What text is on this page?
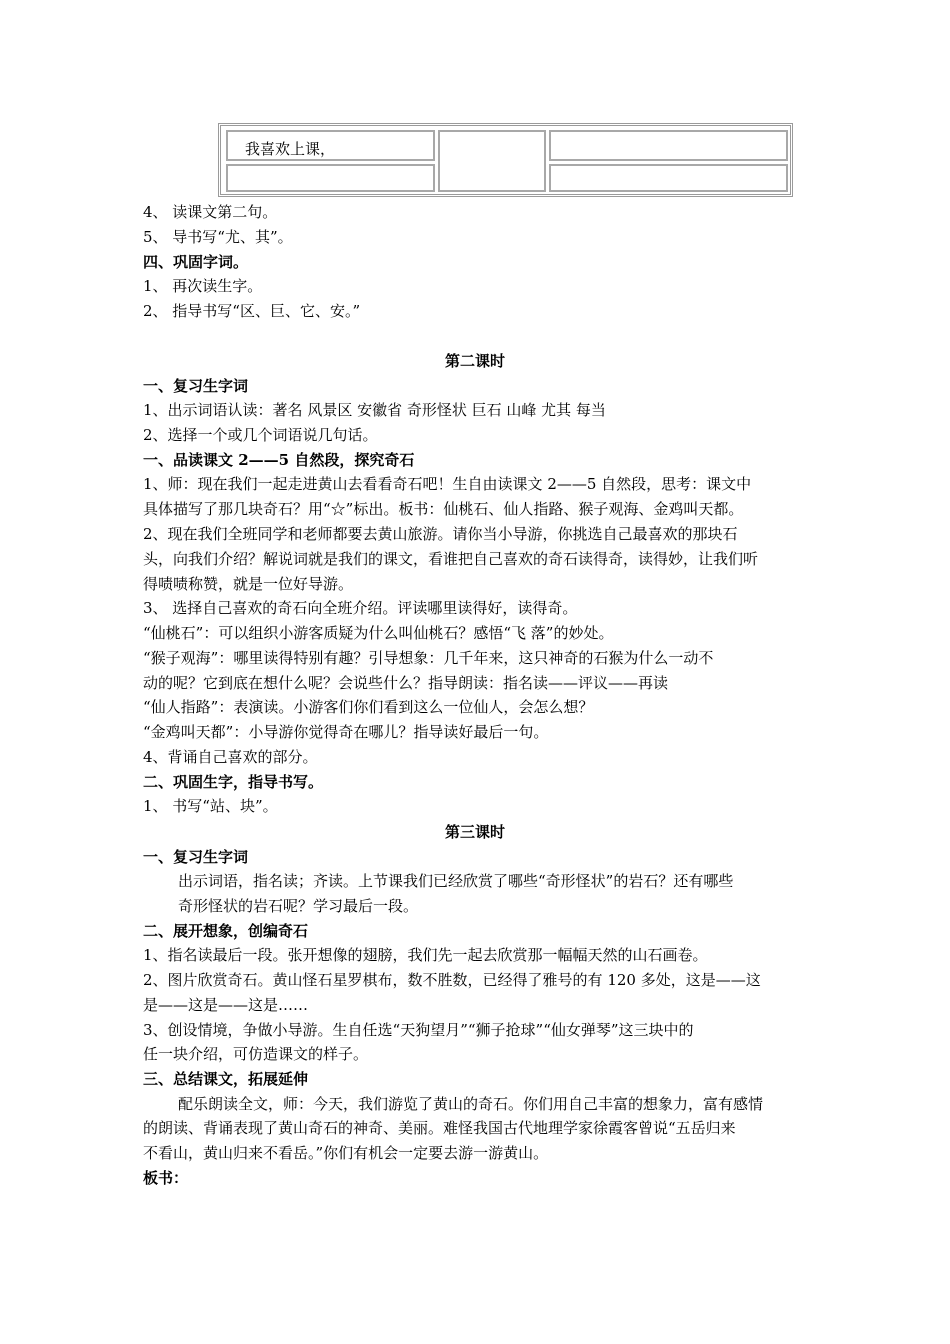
我喜欢上课，
4、 读课文第二句。
5、 导书写“尤、其”。
四、巩固字词。
1、 再次读生字。
2、 指导书写“区、巨、它、安。”
第二课时
一、复习生字词
1、出示词语认读：著名 风景区 安徽省 奇形怪状 巨石 山峰 尤其 每当
2、选择一个或几个词语说几句话。
一、品读课文 2——5 自然段，探究奇石
1、师：现在我们一起走进黄山去看看奇石吧！生自由读课文 2——5 自然段，思考：课文中
具体描写了那几块奇石？用“☆”标出。板书：仙桃石、仙人指路、猴子观海、金鸡叫天都。
2、现在我们全班同学和老师都要去黄山旅游。请你当小导游，你挑选自己最喜欢的那块石
头，向我们介绍？解说词就是我们的课文，看谁把自己喜欢的奇石读得奇，读得妙，让我们听
得啧啧称赞，就是一位好导游。
3、 选择自己喜欢的奇石向全班介绍。评读哪里读得好，读得奇。
“仙桃石”：可以组织小游客质疑为什么叫仙桃石？感悟“飞 落”的妙处。
“猴子观海”：哪里读得特别有趣？引导想象：几千年来，这只神奇的石猴为什么一动不
动的呢？它到底在想什么呢？会说些什么？指导朗读：指名读——评议——再读
“仙人指路”：表演读。小游客们你们看到这么一位仙人，会怎么想？
“金鸡叫天都”：小导游你觉得奇在哪儿？指导读好最后一句。
4、背诵自己喜欢的部分。
二、巩固生字，指导书写。
1、 书写“站、块”。
第三课时
一、复习生字词
出示词语，指名读；齐读。上节课我们已经欣赏了哪些“奇形怪状”的岩石？还有哪些
奇形怪状的岩石呢？学习最后一段。
二、展开想象，创编奇石
1、指名读最后一段。张开想像的翅膀，我们先一起去欣赏那一幅幅天然的山石画卷。
2、图片欣赏奇石。黄山怪石星罗棋布，数不胜数，已经得了雅号的有 120 多处，这是——这
是——这是——这是……
3、创设情境，争做小导游。生自任选“天狗望月”“狮子抢球”“仙女弹琴”这三块中的
任一块介绍，可仿造课文的样子。
三、总结课文，拓展延伸
配乐朗读全文，师：今天，我们游览了黄山的奇石。你们用自己丰富的想象力，富有感情
的朗读、背诵表现了黄山奇石的神奇、美丽。难怪我国古代地理学家徐霞客曾说“五岳归来
不看山，黄山归来不看岳。”你们有机会一定要去游一游黄山。
板书：
